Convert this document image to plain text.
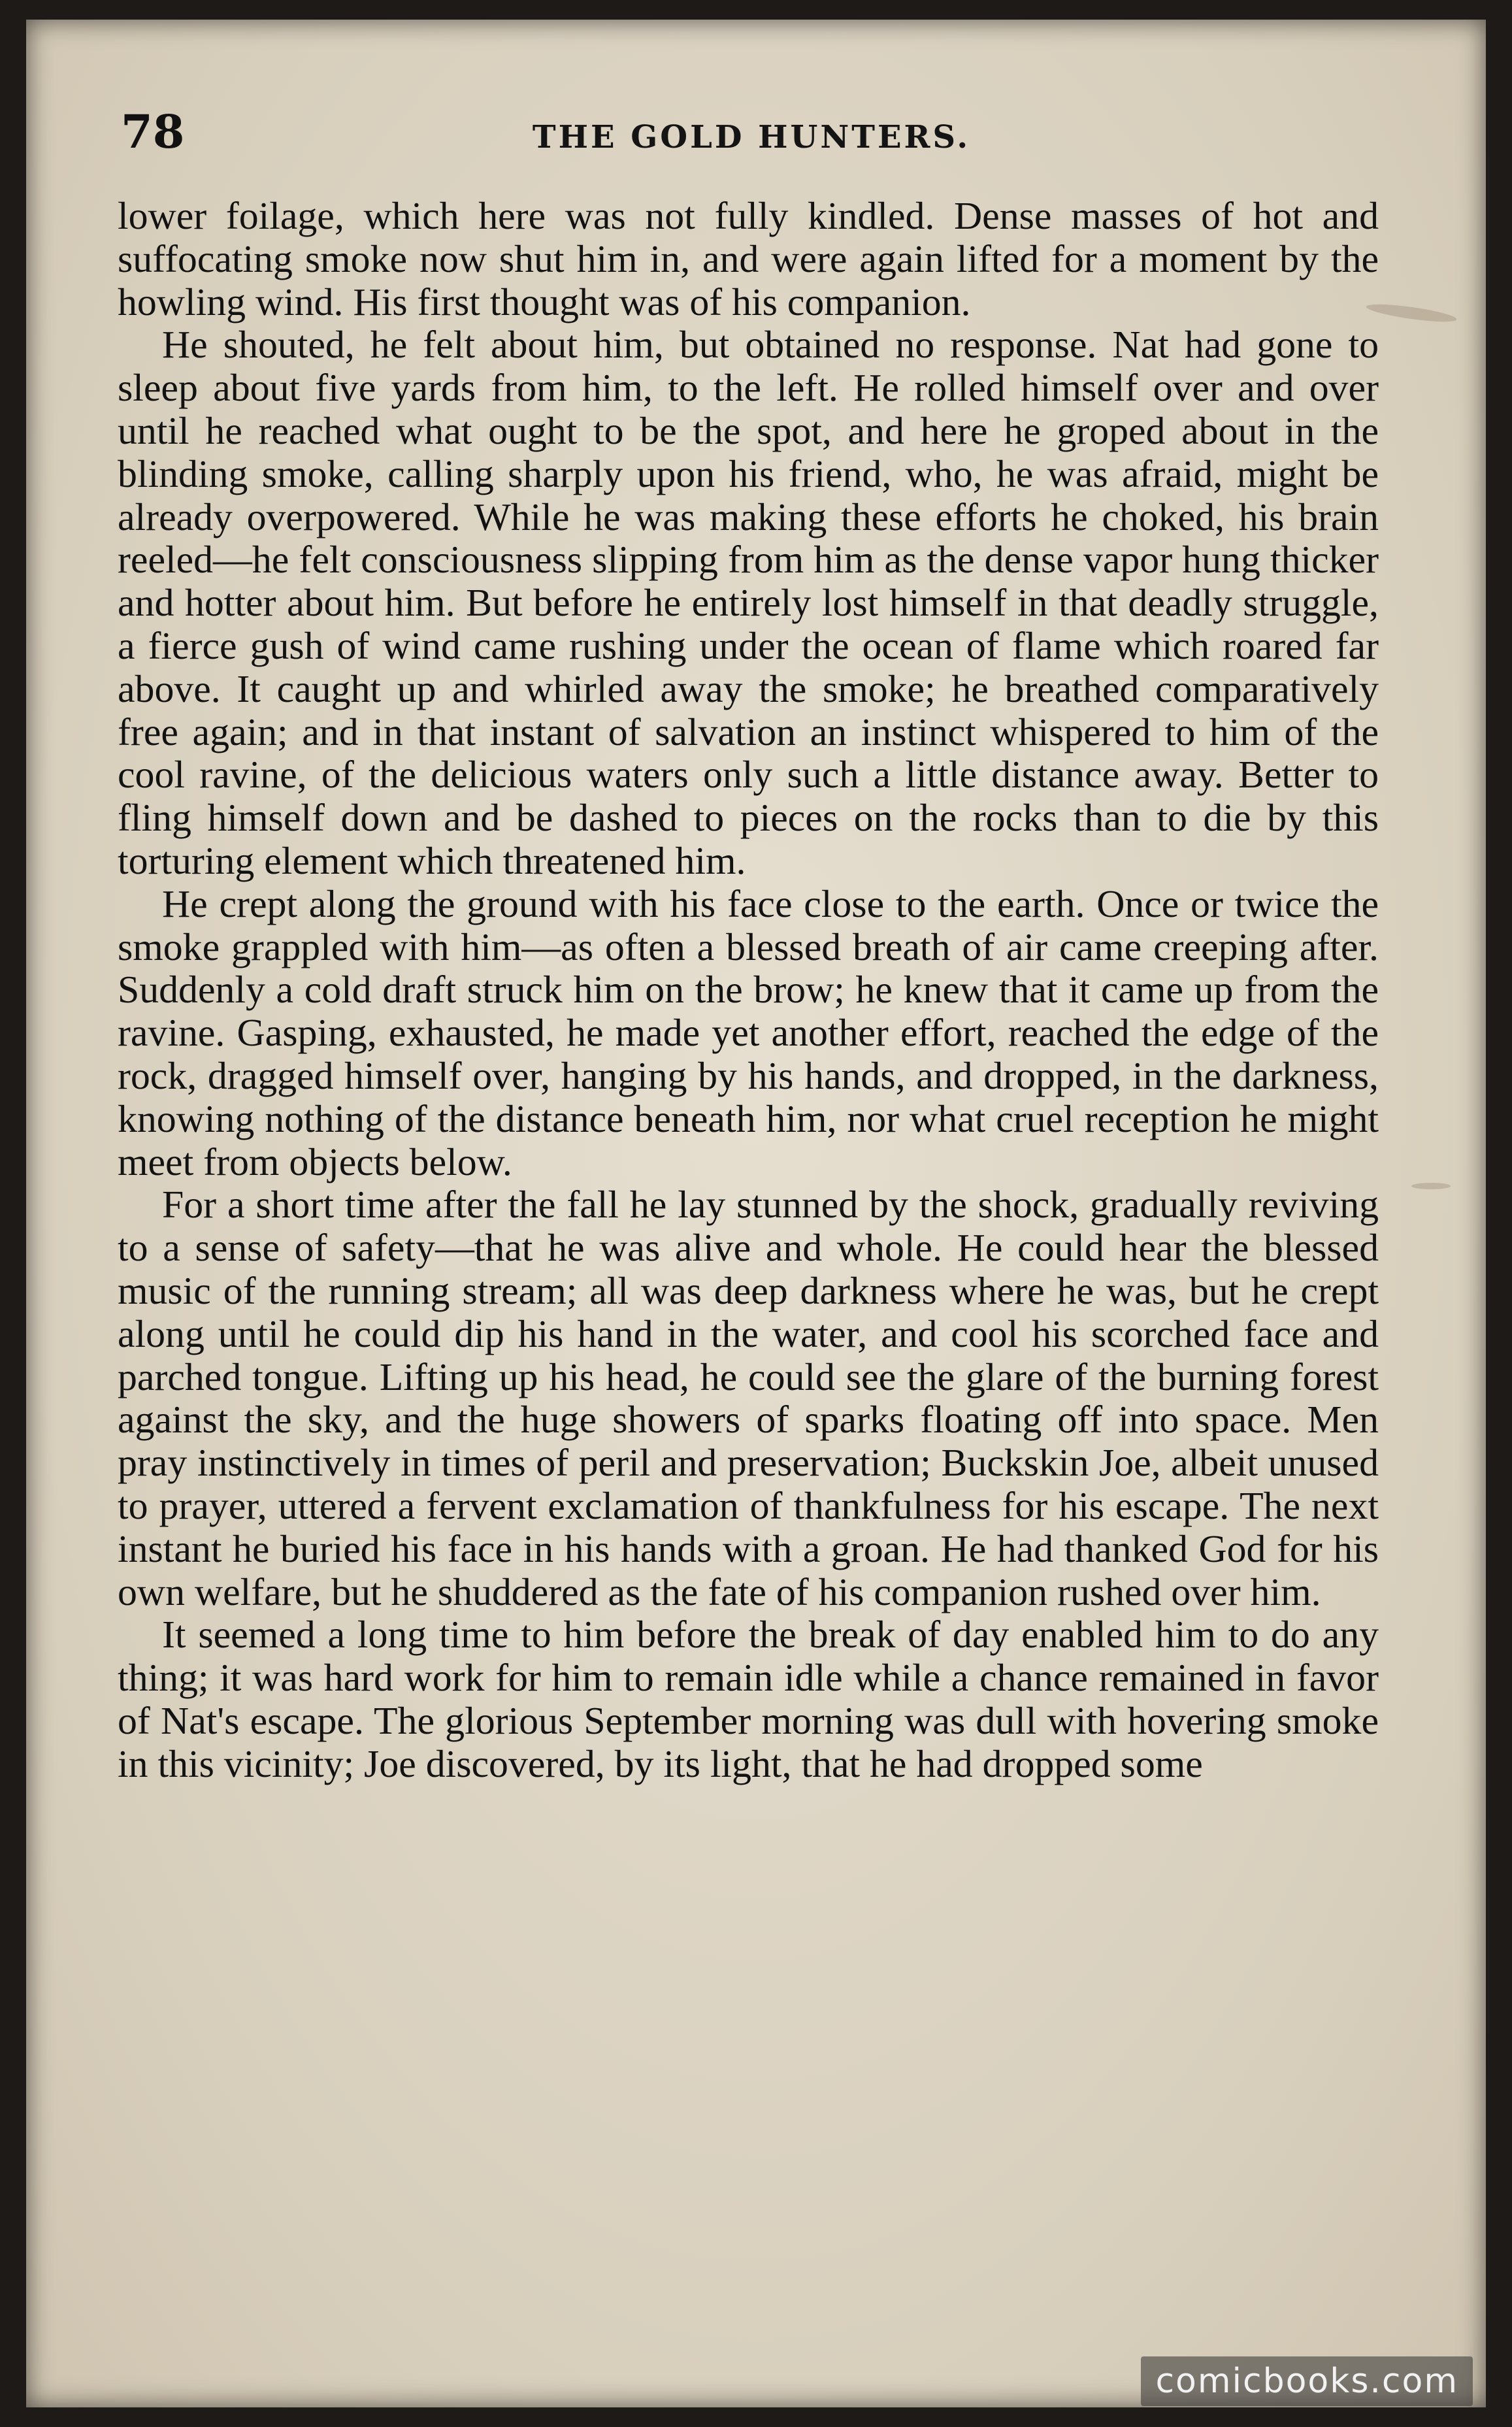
78	THE GOLD HUNTERS.

lower foilage, which here was not fully kindled. Dense masses of hot and suffocating smoke now shut him in, and were again lifted for a moment by the howling wind. His first thought was of his companion.

He shouted, he felt about him, but obtained no response. Nat had gone to sleep about five yards from him, to the left. He rolled himself over and over until he reached what ought to be the spot, and here he groped about in the blinding smoke, calling sharply upon his friend, who, he was afraid, might be already overpowered. While he was making these efforts he choked, his brain reeled—he felt consciousness slipping from him as the dense vapor hung thicker and hotter about him. But before he entirely lost himself in that deadly struggle, a fierce gush of wind came rushing under the ocean of flame which roared far above. It caught up and whirled away the smoke; he breathed comparatively free again; and in that instant of salvation an instinct whispered to him of the cool ravine, of the delicious waters only such a little distance away. Better to fling himself down and be dashed to pieces on the rocks than to die by this torturing element which threatened him.

He crept along the ground with his face close to the earth. Once or twice the smoke grappled with him—as often a blessed breath of air came creeping after. Suddenly a cold draft struck him on the brow; he knew that it came up from the ravine. Gasping, exhausted, he made yet another effort, reached the edge of the rock, dragged himself over, hanging by his hands, and dropped, in the darkness, knowing nothing of the distance beneath him, nor what cruel reception he might meet from objects below.

For a short time after the fall he lay stunned by the shock, gradually reviving to a sense of safety—that he was alive and whole. He could hear the blessed music of the running stream; all was deep darkness where he was, but he crept along until he could dip his hand in the water, and cool his scorched face and parched tongue. Lifting up his head, he could see the glare of the burning forest against the sky, and the huge showers of sparks floating off into space. Men pray instinctively in times of peril and preservation; Buckskin Joe, albeit unused to prayer, uttered a fervent exclamation of thankfulness for his escape. The next instant he buried his face in his hands with a groan. He had thanked God for his own welfare, but he shuddered as the fate of his companion rushed over him.

It seemed a long time to him before the break of day enabled him to do any thing; it was hard work for him to remain idle while a chance remained in favor of Nat's escape. The glorious September morning was dull with hovering smoke in this vicinity; Joe discovered, by its light, that he had dropped some

comicbooks.com
